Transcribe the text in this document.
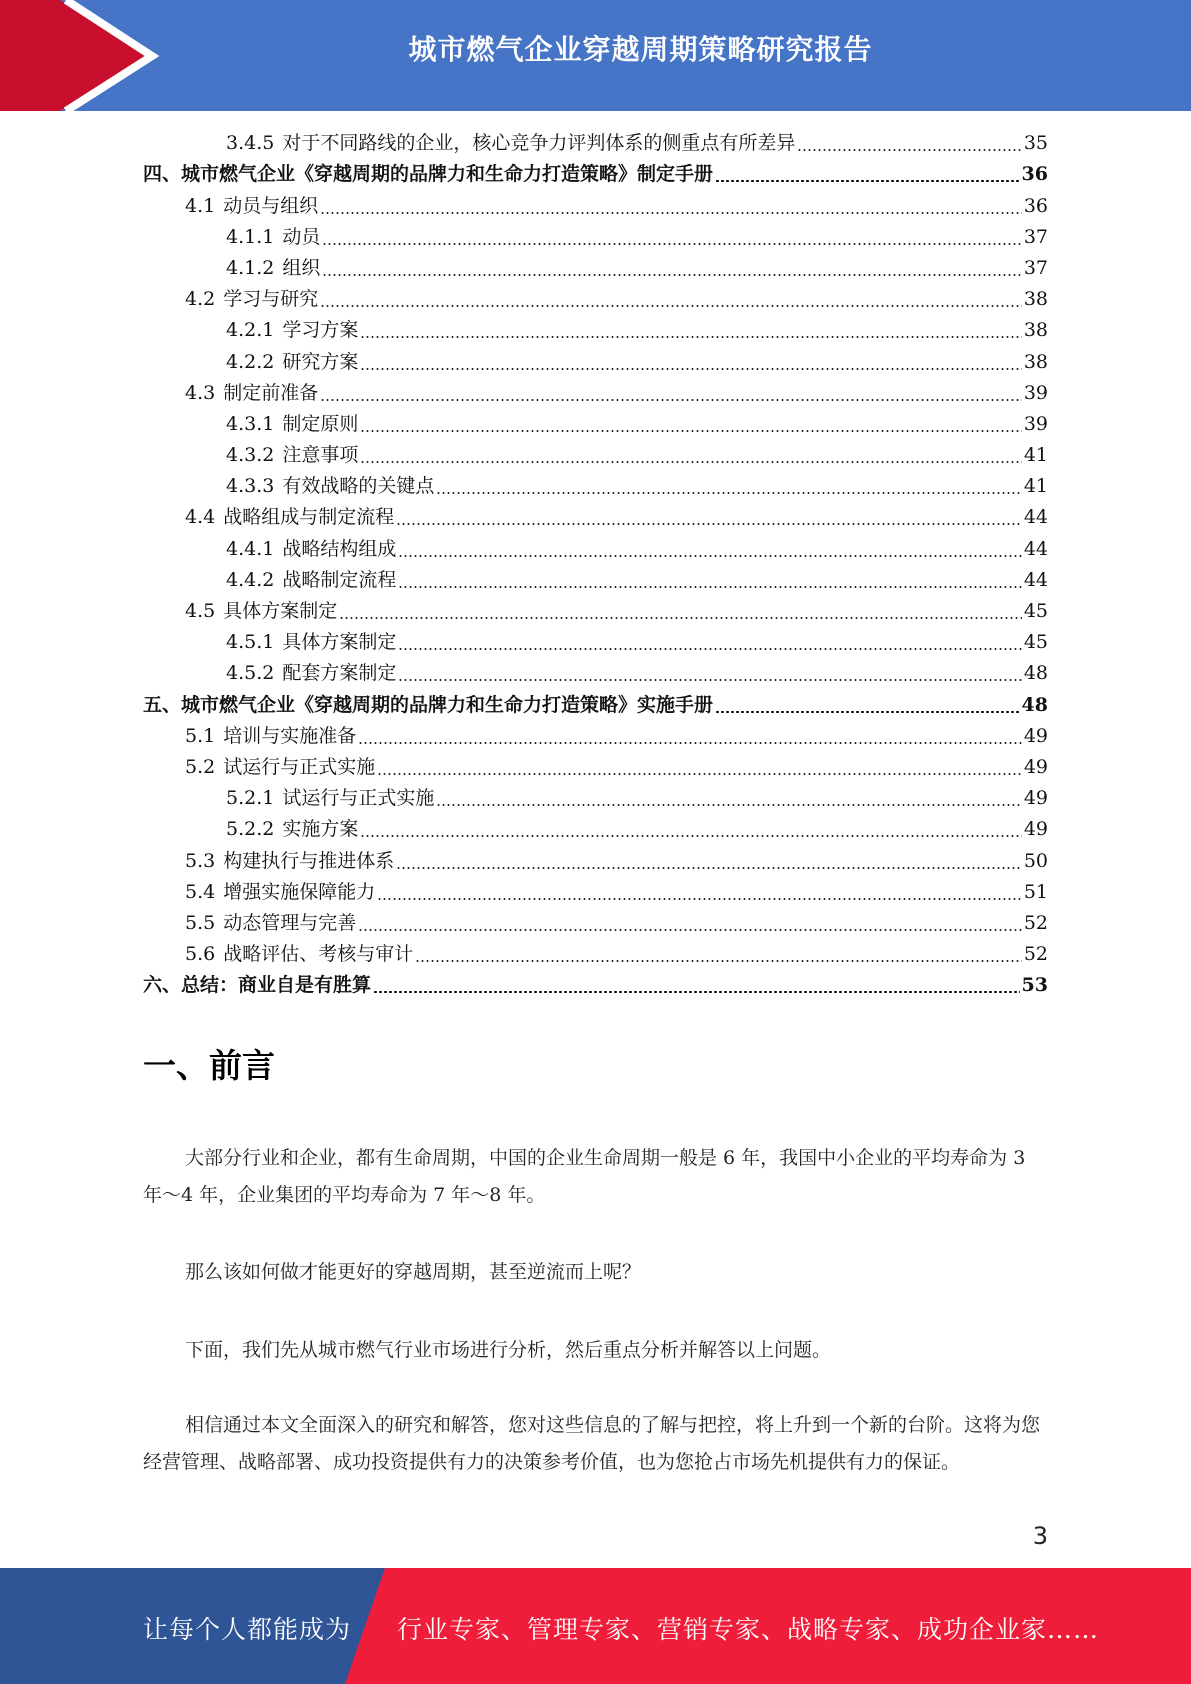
城市燃气企业穿越周期策略研究报告
3.4.5 对于不同路线的企业，核心竞争力评判体系的侧重点有所差异	35
四、城市燃气企业《穿越周期的品牌力和生命力打造策略》制定手册	36
4.1 动员与组织	36
4.1.1 动员	37
4.1.2 组织	37
4.2 学习与研究	38
4.2.1 学习方案	38
4.2.2 研究方案	38
4.3 制定前准备	39
4.3.1 制定原则	39
4.3.2 注意事项	41
4.3.3 有效战略的关键点	41
4.4 战略组成与制定流程	44
4.4.1 战略结构组成	44
4.4.2 战略制定流程	44
4.5 具体方案制定	45
4.5.1 具体方案制定	45
4.5.2 配套方案制定	48
五、城市燃气企业《穿越周期的品牌力和生命力打造策略》实施手册	48
5.1 培训与实施准备	49
5.2 试运行与正式实施	49
5.2.1 试运行与正式实施	49
5.2.2 实施方案	49
5.3 构建执行与推进体系	50
5.4 增强实施保障能力	51
5.5 动态管理与完善	52
5.6 战略评估、考核与审计	52
六、总结：商业自是有胜算	53
一、前言

大部分行业和企业，都有生命周期，中国的企业生命周期一般是 6 年，我国中小企业的平均寿命为 3 年～4 年，企业集团的平均寿命为 7 年～8 年。

那么该如何做才能更好的穿越周期，甚至逆流而上呢？

下面，我们先从城市燃气行业市场进行分析，然后重点分析并解答以上问题。

相信通过本文全面深入的研究和解答，您对这些信息的了解与把控，将上升到一个新的台阶。这将为您经营管理、战略部署、成功投资提供有力的决策参考价值，也为您抢占市场先机提供有力的保证。

3
让每个人都能成为 行业专家、管理专家、营销专家、战略专家、成功企业家……
